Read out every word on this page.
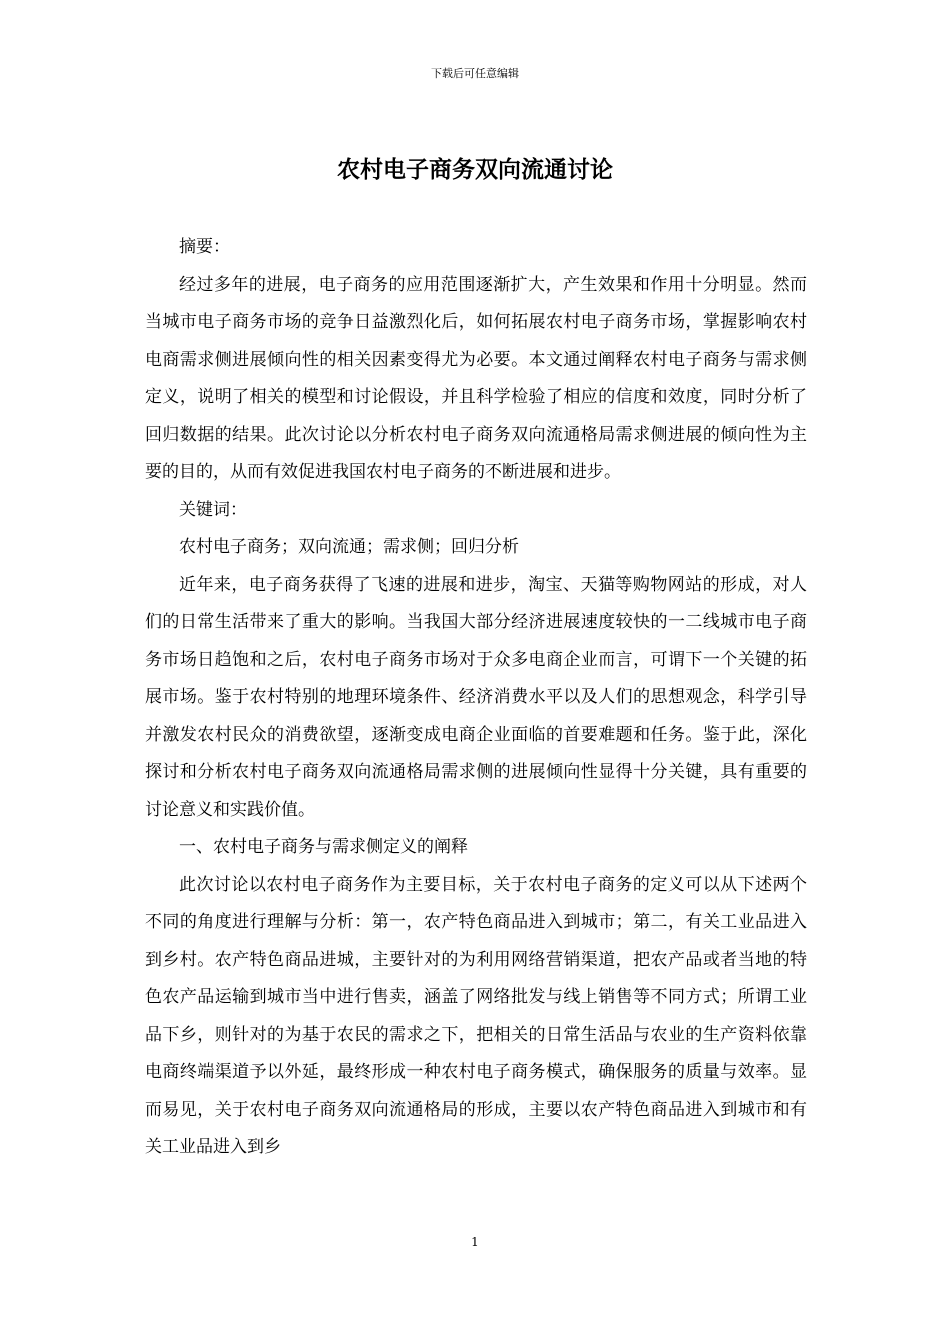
下载后可任意编辑
农村电子商务双向流通讨论

摘要：

经过多年的进展，电子商务的应用范围逐渐扩大，产生效果和作用十分明显。然而当城市电子商务市场的竞争日益激烈化后，如何拓展农村电子商务市场，掌握影响农村电商需求侧进展倾向性的相关因素变得尤为必要。本文通过阐释农村电子商务与需求侧定义，说明了相关的模型和讨论假设，并且科学检验了相应的信度和效度，同时分析了回归数据的结果。此次讨论以分析农村电子商务双向流通格局需求侧进展的倾向性为主要的目的，从而有效促进我国农村电子商务的不断进展和进步。

关键词：

农村电子商务；双向流通；需求侧；回归分析

近年来，电子商务获得了飞速的进展和进步，淘宝、天猫等购物网站的形成，对人们的日常生活带来了重大的影响。当我国大部分经济进展速度较快的一二线城市电子商务市场日趋饱和之后，农村电子商务市场对于众多电商企业而言，可谓下一个关键的拓展市场。鉴于农村特别的地理环境条件、经济消费水平以及人们的思想观念，科学引导并激发农村民众的消费欲望，逐渐变成电商企业面临的首要难题和任务。鉴于此，深化探讨和分析农村电子商务双向流通格局需求侧的进展倾向性显得十分关键，具有重要的讨论意义和实践价值。

一、农村电子商务与需求侧定义的阐释

此次讨论以农村电子商务作为主要目标，关于农村电子商务的定义可以从下述两个不同的角度进行理解与分析：第一，农产特色商品进入到城市；第二，有关工业品进入到乡村。农产特色商品进城，主要针对的为利用网络营销渠道，把农产品或者当地的特色农产品运输到城市当中进行售卖，涵盖了网络批发与线上销售等不同方式；所谓工业品下乡，则针对的为基于农民的需求之下，把相关的日常生活品与农业的生产资料依靠电商终端渠道予以外延，最终形成一种农村电子商务模式，确保服务的质量与效率。显而易见，关于农村电子商务双向流通格局的形成，主要以农产特色商品进入到城市和有关工业品进入到乡

1
